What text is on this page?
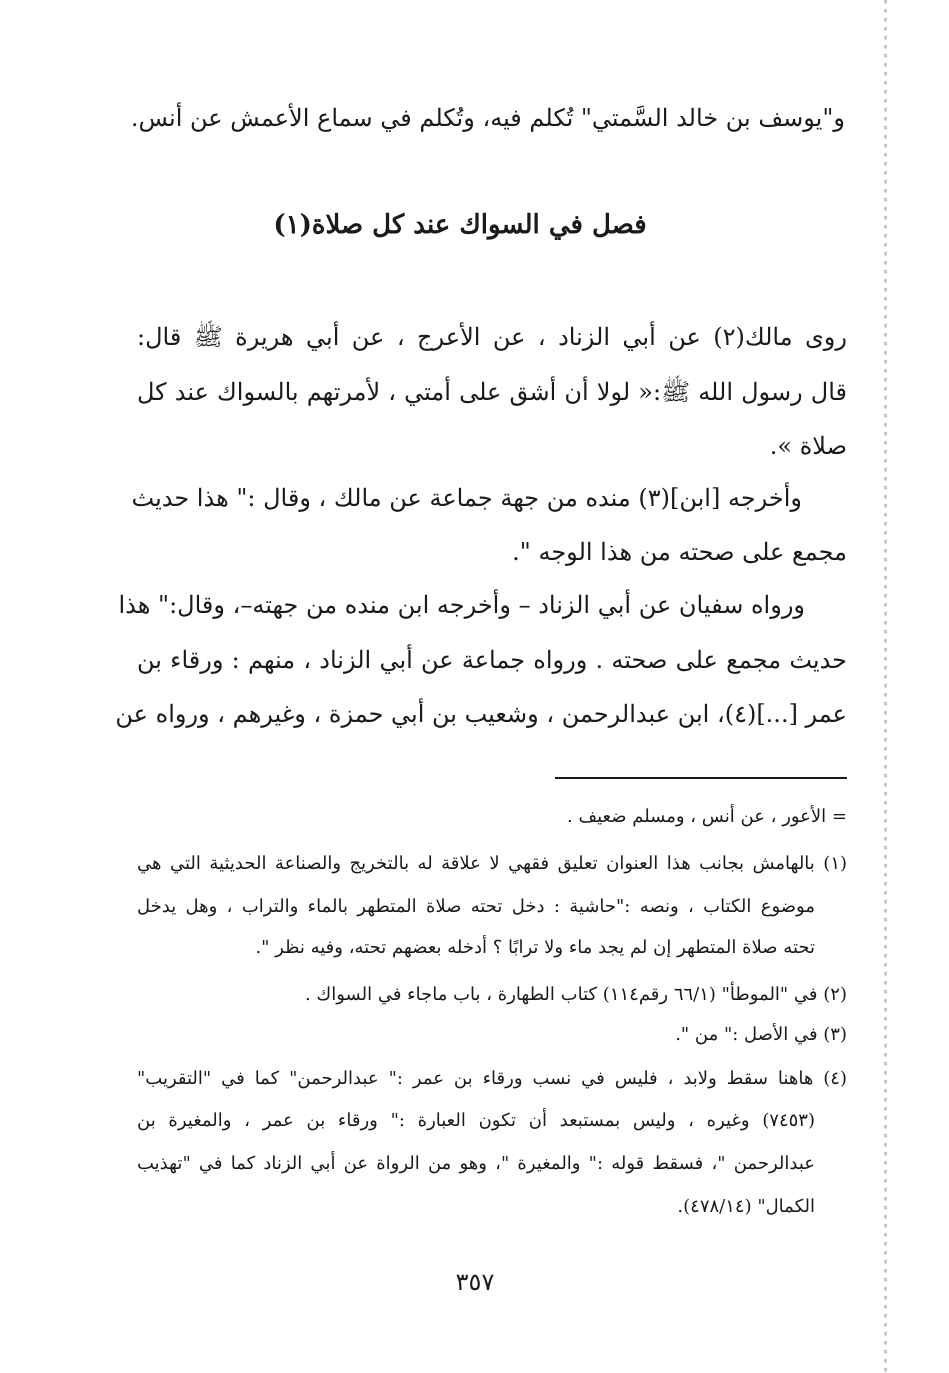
و"يوسف بن خالد السَّمتي" تُكلم فيه، وتُكلم في سماع الأعمش عن أنس.
فصل في السواك عند كل صلاة(١)
روى مالك(٢) عن أبي الزناد ، عن الأعرج ، عن أبي هريرة ﷺ قال:
قال رسول الله ﷺ:« لولا أن أشق على أمتي ، لأمرتهم بالسواك عند كل
صلاة ».
وأخرجه [ابن](٣) منده من جهة جماعة عن مالك ، وقال :" هذا حديث
مجمع على صحته من هذا الوجه ".
ورواه سفيان عن أبي الزناد – وأخرجه ابن منده من جهته–، وقال:" هذا
حديث مجمع على صحته . ورواه جماعة عن أبي الزناد ، منهم : ورقاء بن
عمر [...](٤)، ابن عبدالرحمن ، وشعيب بن أبي حمزة ، وغيرهم ، ورواه عن
= الأعور ، عن أنس ، ومسلم ضعيف .
(١) بالهامش بجانب هذا العنوان تعليق فقهي لا علاقة له بالتخريج والصناعة الحديثية التي هي
موضوع الكتاب ، ونصه :"حاشية : دخل تحته صلاة المتطهر بالماء والتراب ، وهل يدخل
تحته صلاة المتطهر إن لم يجد ماء ولا ترابًا ؟ أدخله بعضهم تحته، وفيه نظر ".
(٢) في "الموطأ" (٦٦/١ رقم١١٤) كتاب الطهارة ، باب ماجاء في السواك .
(٣) في الأصل :" من ".
(٤) هاهنا سقط ولابد ، فليس في نسب ورقاء بن عمر :" عبدالرحمن" كما في "التقريب"
(٧٤٥٣) وغيره ، وليس بمستبعد أن تكون العبارة :" ورقاء بن عمر ، والمغيرة بن
عبدالرحمن "، فسقط قوله :" والمغيرة "، وهو من الرواة عن أبي الزناد كما في "تهذيب
الكمال" (٤٧٨/١٤).
٣٥٧
